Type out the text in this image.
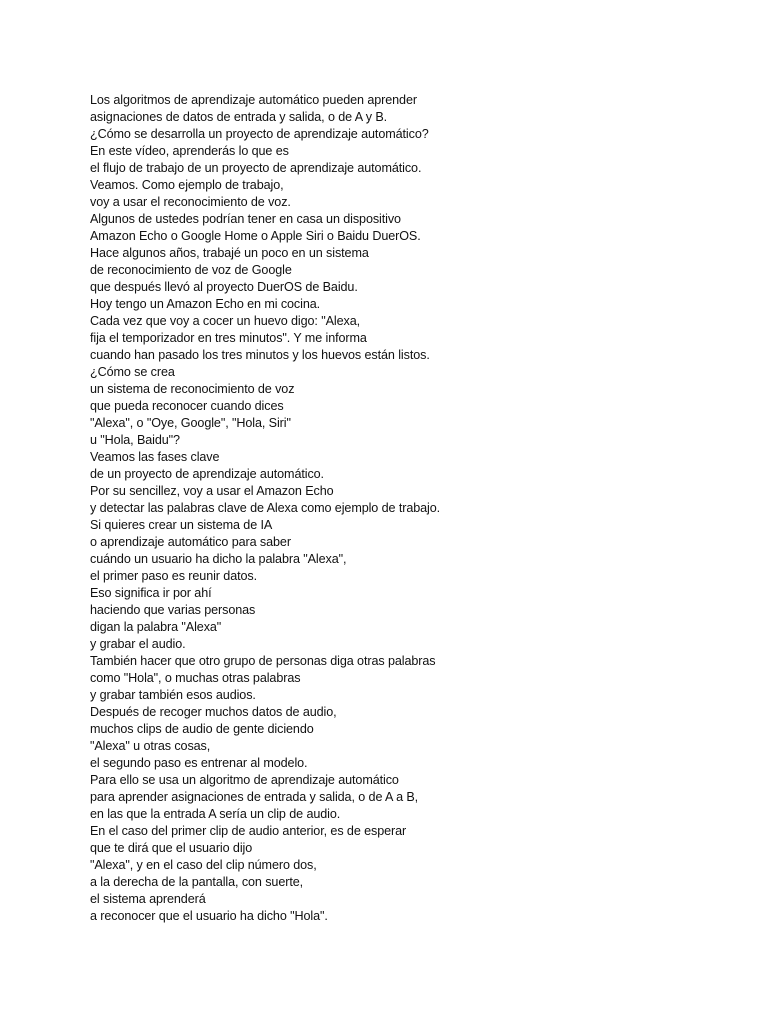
Los algoritmos de aprendizaje automático pueden aprender
asignaciones de datos de entrada y salida, o de A y B.
¿Cómo se desarrolla un proyecto de aprendizaje automático?
En este vídeo, aprenderás lo que es
el flujo de trabajo de un proyecto de aprendizaje automático.
Veamos. Como ejemplo de trabajo,
voy a usar el reconocimiento de voz.
Algunos de ustedes podrían tener en casa un dispositivo
Amazon Echo o Google Home o Apple Siri o Baidu DuerOS.
Hace algunos años, trabajé un poco en un sistema
de reconocimiento de voz de Google
que después llevó al proyecto DuerOS de Baidu.
Hoy tengo un Amazon Echo en mi cocina.
Cada vez que voy a cocer un huevo digo: "Alexa,
fija el temporizador en tres minutos". Y me informa
cuando han pasado los tres minutos y los huevos están listos.
¿Cómo se crea
un sistema de reconocimiento de voz
que pueda reconocer cuando dices
"Alexa", o "Oye, Google", "Hola, Siri"
u "Hola, Baidu"?
Veamos las fases clave
de un proyecto de aprendizaje automático.
Por su sencillez, voy a usar el Amazon Echo
y detectar las palabras clave de Alexa como ejemplo de trabajo.
Si quieres crear un sistema de IA
o aprendizaje automático para saber
cuándo un usuario ha dicho la palabra "Alexa",
el primer paso es reunir datos.
Eso significa ir por ahí
haciendo que varias personas
digan la palabra "Alexa"
y grabar el audio.
También hacer que otro grupo de personas diga otras palabras
como "Hola", o muchas otras palabras
y grabar también esos audios.
Después de recoger muchos datos de audio,
muchos clips de audio de gente diciendo
"Alexa" u otras cosas,
el segundo paso es entrenar al modelo.
Para ello se usa un algoritmo de aprendizaje automático
para aprender asignaciones de entrada y salida, o de A a B,
en las que la entrada A sería un clip de audio.
En el caso del primer clip de audio anterior, es de esperar
que te dirá que el usuario dijo
"Alexa", y en el caso del clip número dos,
a la derecha de la pantalla, con suerte,
el sistema aprenderá
a reconocer que el usuario ha dicho "Hola".
